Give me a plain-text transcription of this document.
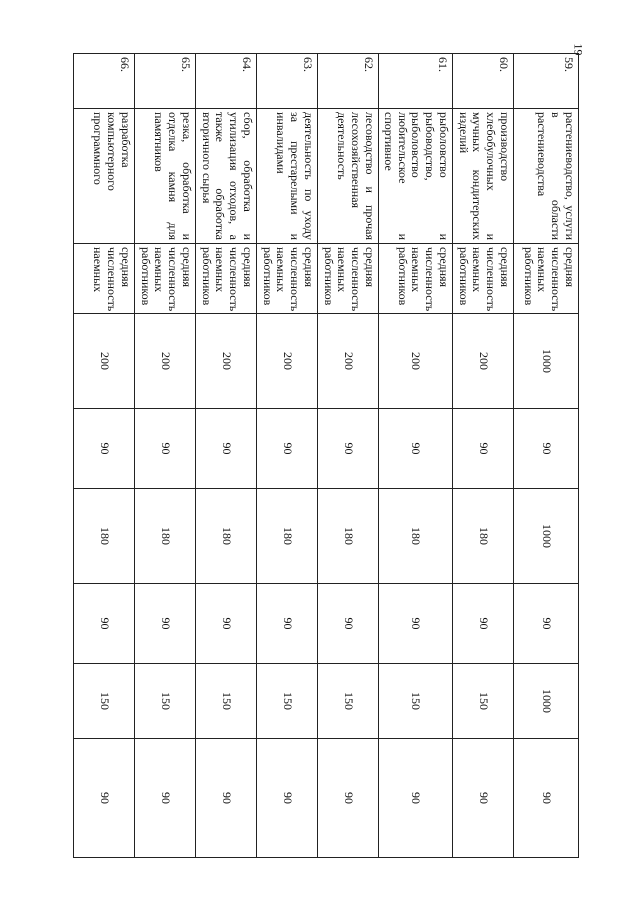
19
59.	растениеводство, услуги в области растениеводства	средняя численность наемных работников	1000	90	1000	90	1000	90
60.	производство хлебобулочных и мучных кондитерских изделий	средняя численность наемных работников	200	90	180	90	150	90
61.	рыболовство и рыбоводство, рыболовство любительское и спортивное	средняя численность наемных работников	200	90	180	90	150	90
62.	лесоводство и прочая лесохозяйственная деятельность	средняя численность наемных работников	200	90	180	90	150	90
63.	деятельность по уходу за престарелыми и инвалидами	средняя численность наемных работников	200	90	180	90	150	90
64.	сбор, обработка и утилизация отходов, а также обработка вторичного сырья	средняя численность наемных работников	200	90	180	90	150	90
65.	резка, обработка и отделка камня для памятников	средняя численность наемных работников	200	90	180	90	150	90
66.	разработка компьютерного программного	средняя численность наемных	200	90	180	90	150	90
